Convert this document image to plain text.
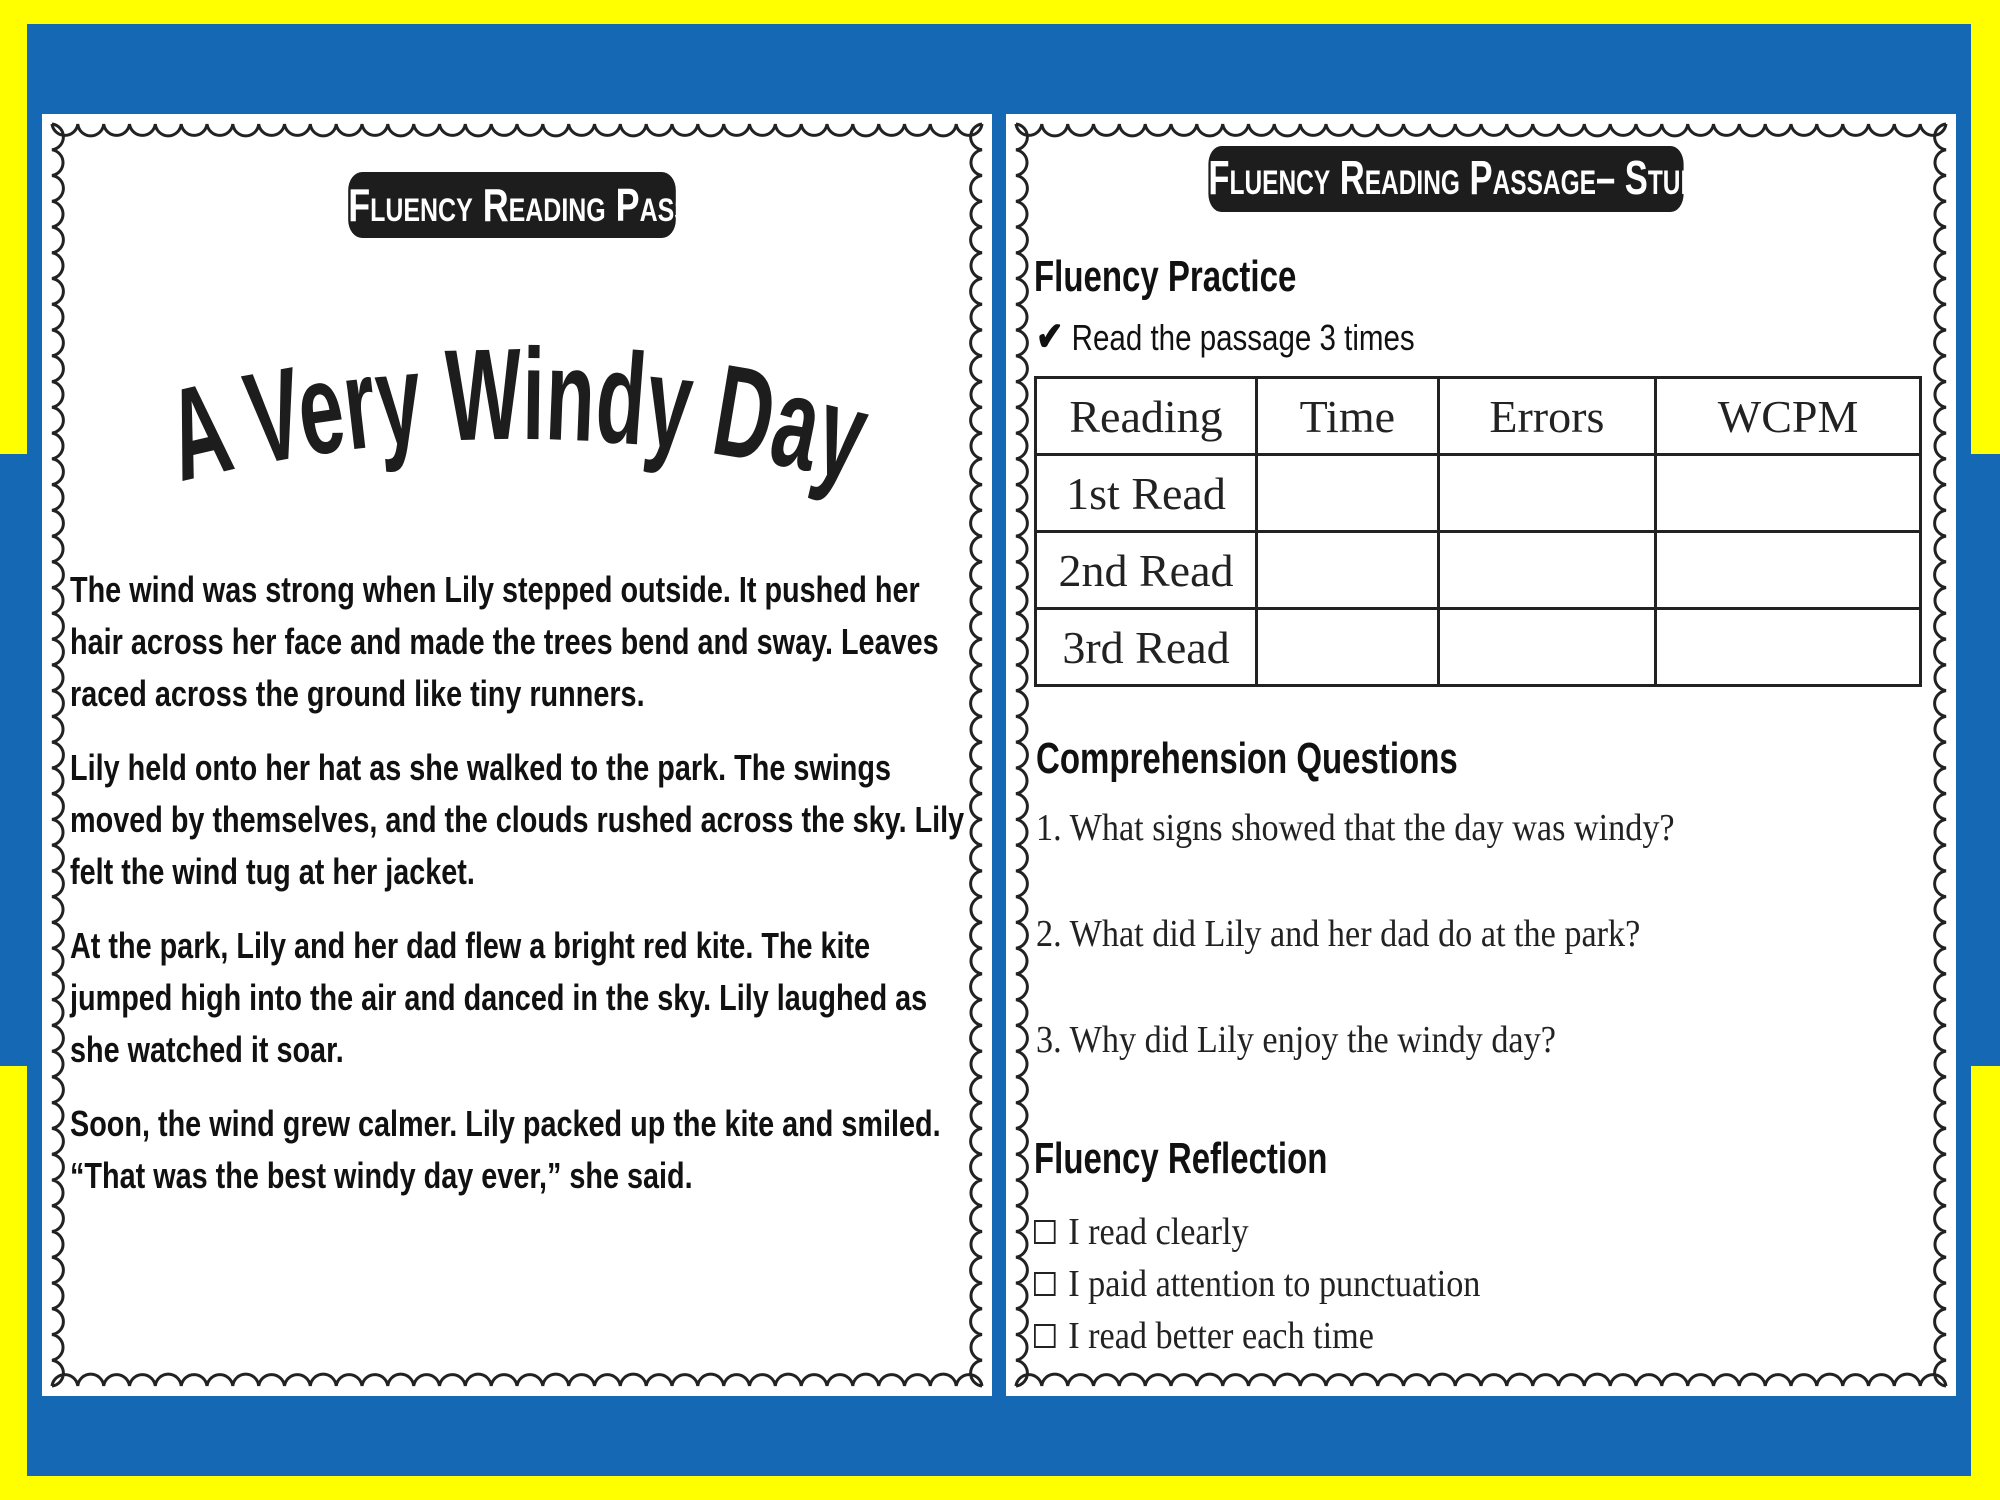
Fluency Reading Passage
A Very Windy Day

The wind was strong when Lily stepped outside. It pushed her hair across her face and made the trees bend and sway. Leaves raced across the ground like tiny runners.

Lily held onto her hat as she walked to the park. The swings moved by themselves, and the clouds rushed across the sky. Lily felt the wind tug at her jacket.

At the park, Lily and her dad flew a bright red kite. The kite jumped high into the air and danced in the sky. Lily laughed as she watched it soar.

Soon, the wind grew calmer. Lily packed up the kite and smiled. “That was the best windy day ever,” she said.

Fluency Reading Passage– Student Page
Fluency Practice
✔ Read the passage 3 times
Reading	Time	Errors	WCPM
1st Read			
2nd Read			
3rd Read			
Comprehension Questions
1. What signs showed that the day was windy?
2. What did Lily and her dad do at the park?
3. Why did Lily enjoy the windy day?
Fluency Reflection
I read clearly
I paid attention to punctuation
I read better each time
